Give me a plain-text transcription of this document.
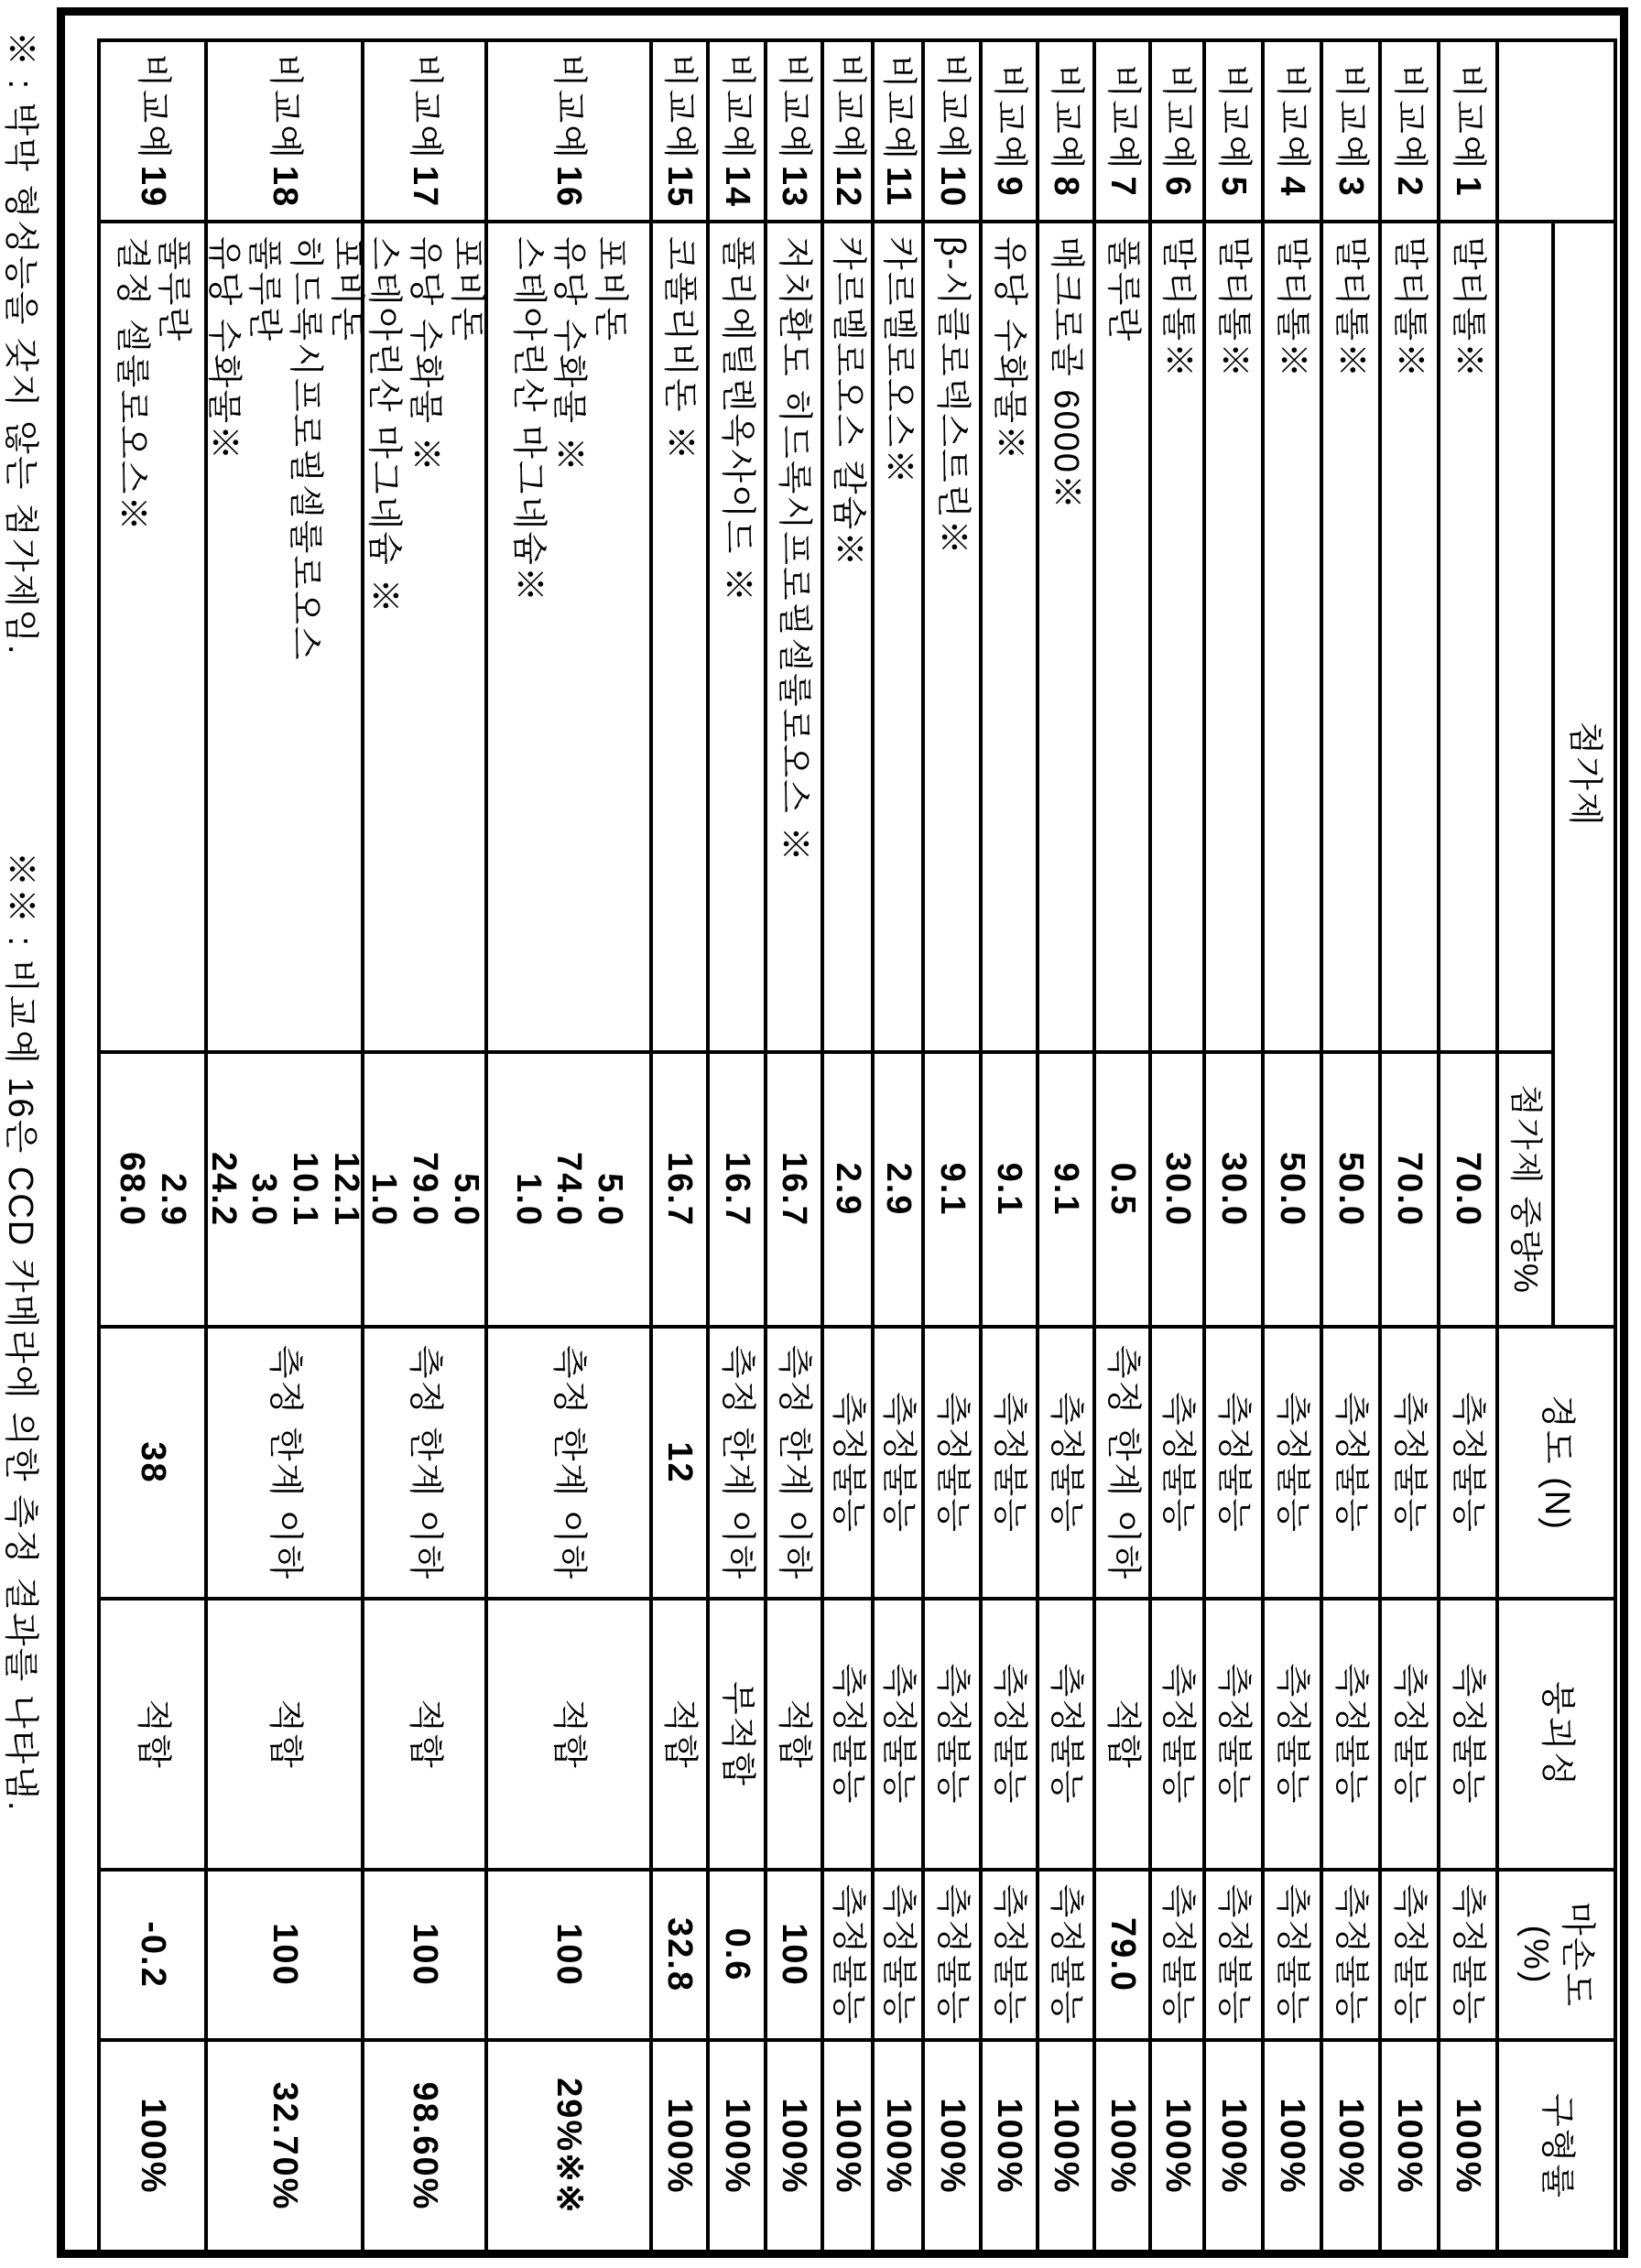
첨가제
경도 (N)
붕괴성
마손도 (%)
구형률
첨가제 중량%
비교예
1
말티톨※
70.0
측정불능
측정불능
측정불능
100%
비교예
2
말티톨※
70.0
측정불능
측정불능
측정불능
100%
비교예
3
말티톨※
50.0
측정불능
측정불능
측정불능
100%
비교예
4
말티톨※
50.0
측정불능
측정불능
측정불능
100%
비교예
5
말티톨※
30.0
측정불능
측정불능
측정불능
100%
비교예
6
말티톨※
30.0
측정불능
측정불능
측정불능
100%
비교예
7
풀루란
0.5
측정 한계 이하
적합
79.0
100%
비교예
8
매크로골 6000※
9.1
측정불능
측정불능
측정불능
100%
비교예
9
유당 수화물※
9.1
측정불능
측정불능
측정불능
100%
비교예
10
β-시클로덱스트린※
9.1
측정불능
측정불능
측정불능
100%
비교예
11
카르멜로오스※
2.9
측정불능
측정불능
측정불능
100%
비교예
12
카르멜로오스 칼슘※
2.9
측정불능
측정불능
측정불능
100%
비교예
13
저치환도 히드록시프로필셀룰로오스 ※
16.7
측정 한계 이하
적합
100
100%
비교예
14
폴리에틸렌옥사이드 ※
16.7
측정 한계 이하
부적합
0.6
100%
비교예
15
코폴리비돈 ※
16.7
12
적합
32.8
100%
비교예
16
포비돈
유당 수화물 ※
스테아린산 마그네슘※
5.0
74.0
1.0
측정 한계 이하
적합
100
29%※※
비교예
17
포비돈
유당 수화물 ※
스테아린산 마그네슘 ※
5.0
79.0
1.0
측정 한계 이하
적합
100
98.60%
비교예
18
포비돈
히드록시프로필셀룰로오스
풀루란
유당 수화물※
12.1
10.1
3.0
24.2
측정 한계 이하
적합
100
32.70%
비교예
19
풀루란
결정 셀룰로오스※
2.9
68.0
38
적합
-0.2
100%
※ : 박막 형성능을 갖지 않는 첨가제임.
※※ : 비교예 16은 CCD 카메라에 의한 측정 결과를 나타냄.
